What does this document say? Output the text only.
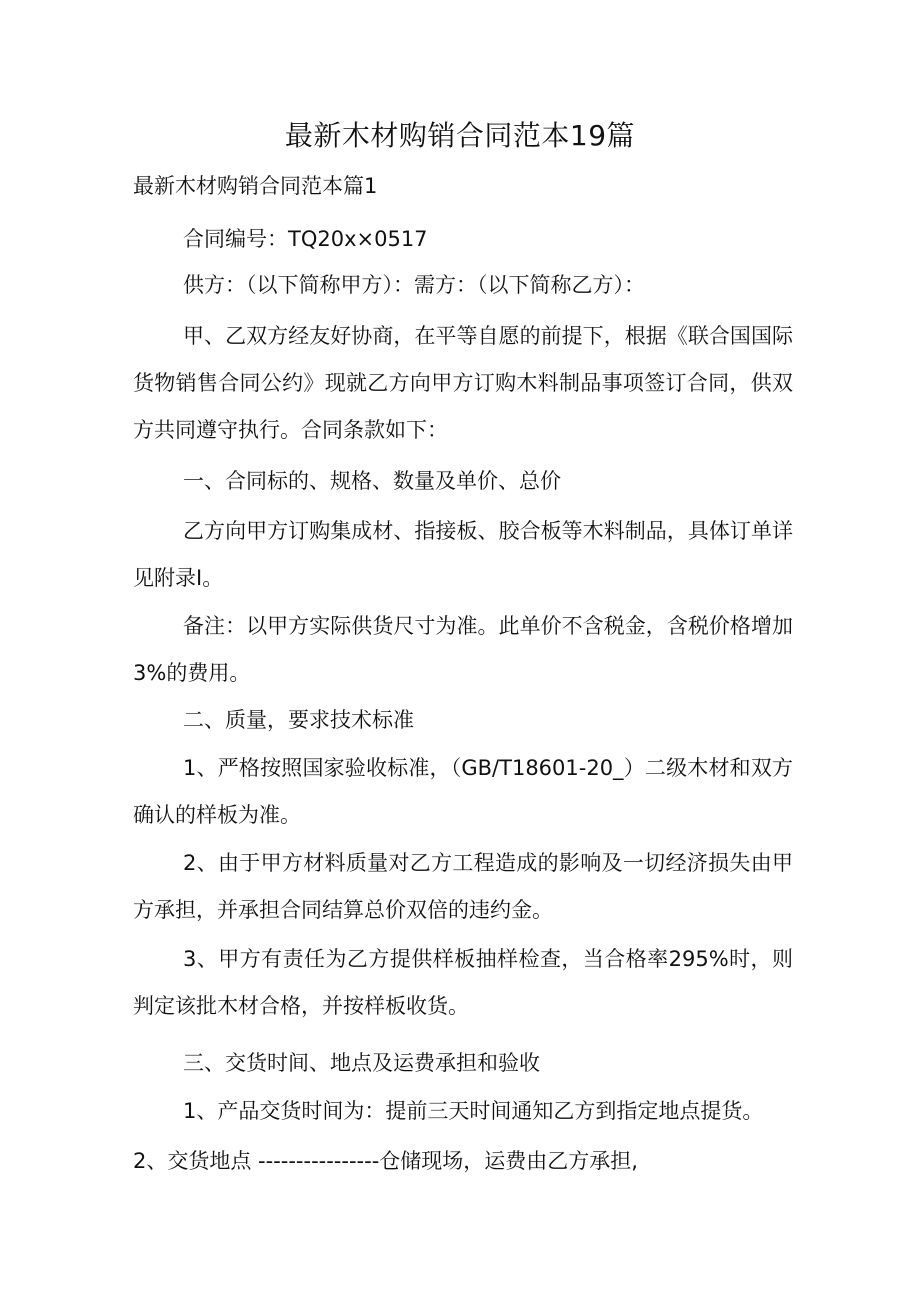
最新木材购销合同范本19篇
最新木材购销合同范本篇1

合同编号：TQ20x×0517

供方：（以下简称甲方）：需方：（以下简称乙方）：

甲、乙双方经友好协商，在平等自愿的前提下，根据《联合国国际货物销售合同公约》现就乙方向甲方订购木料制品事项签订合同，供双方共同遵守执行。合同条款如下：

一、合同标的、规格、数量及单价、总价

乙方向甲方订购集成材、指接板、胶合板等木料制品，具体订单详见附录I。

备注：以甲方实际供货尺寸为准。此单价不含税金，含税价格增加3%的费用。

二、质量，要求技术标准

1、严格按照国家验收标准，（GB/T18601-20_）二级木材和双方确认的样板为准。

2、由于甲方材料质量对乙方工程造成的影响及一切经济损失由甲方承担，并承担合同结算总价双倍的违约金。

3、甲方有责任为乙方提供样板抽样检查，当合格率295%时，则判定该批木材合格，并按样板收货。

三、交货时间、地点及运费承担和验收

1、产品交货时间为：提前三天时间通知乙方到指定地点提货。

2、交货地点 ----------------仓储现场，运费由乙方承担,
